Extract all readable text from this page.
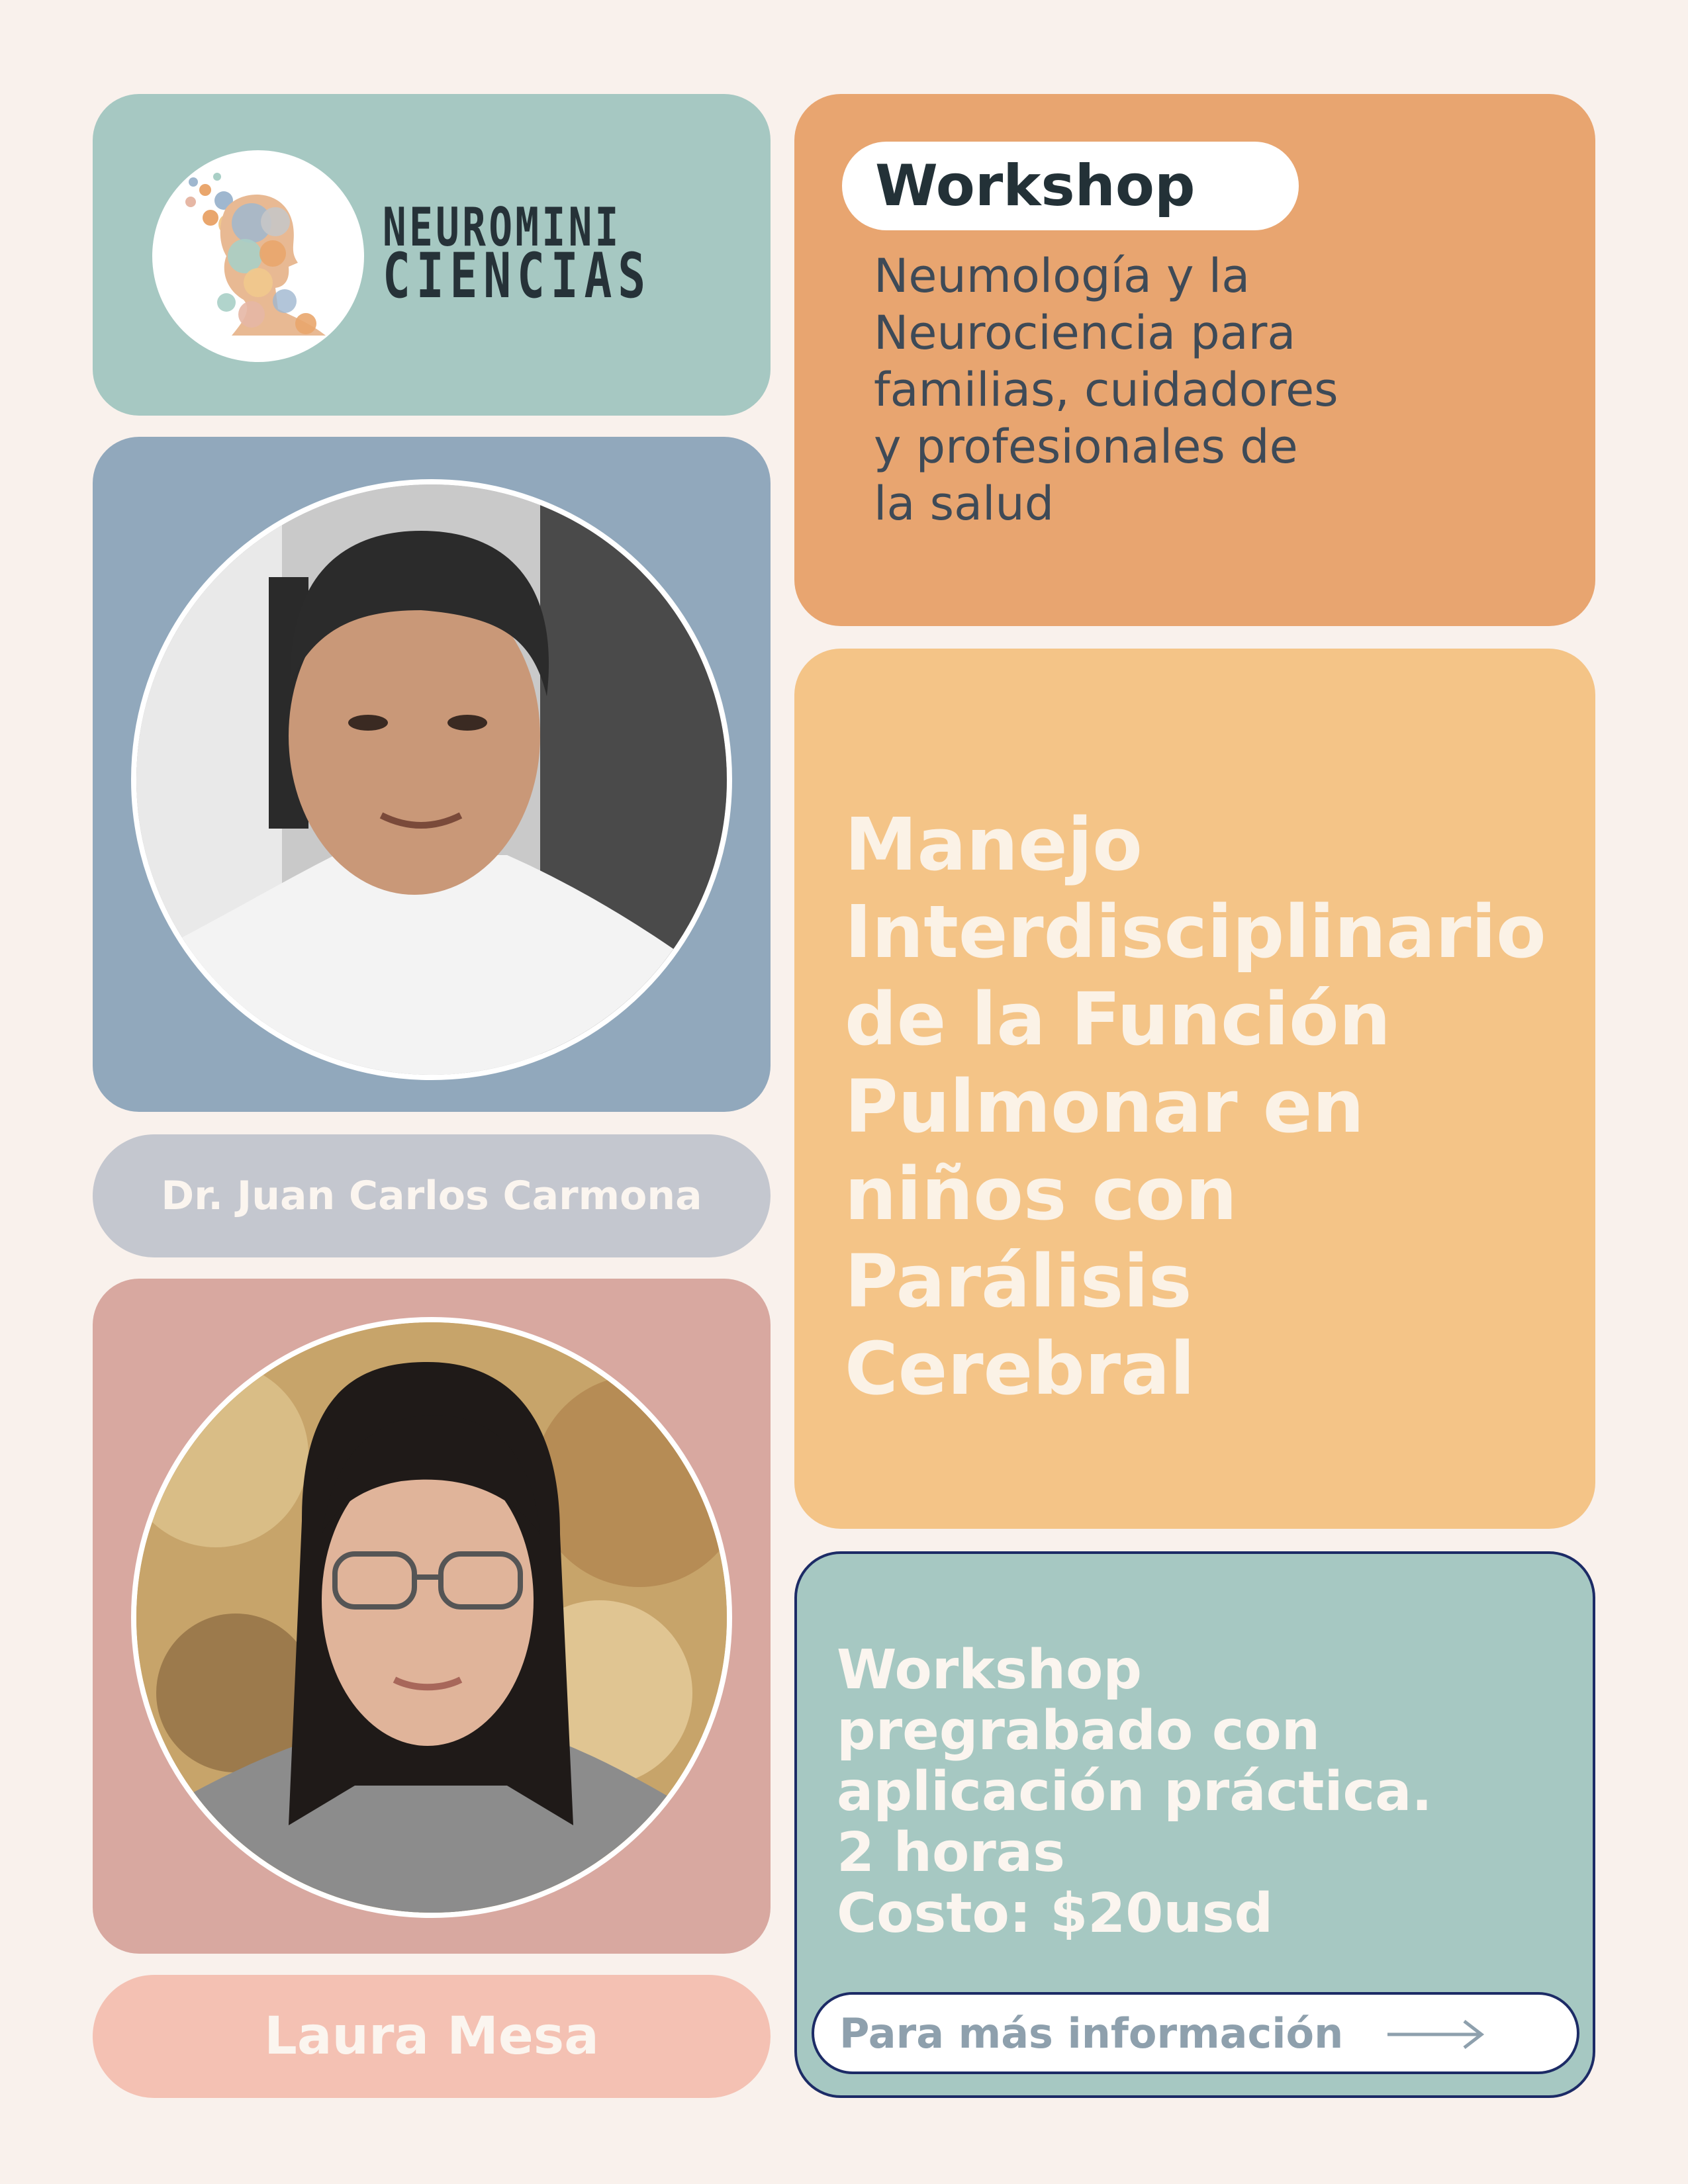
NEUROMINI
CIENCIAS
Dr. Juan Carlos Carmona
Laura Mesa
Workshop
Neumología y la
Neurociencia para
familias, cuidadores
y profesionales de
la salud
Manejo
Interdisciplinario
de la Función
Pulmonar en
niños con
Parálisis
Cerebral
Workshop
pregrabado con
aplicación práctica.
2 horas
Costo: $20usd
Para más información
